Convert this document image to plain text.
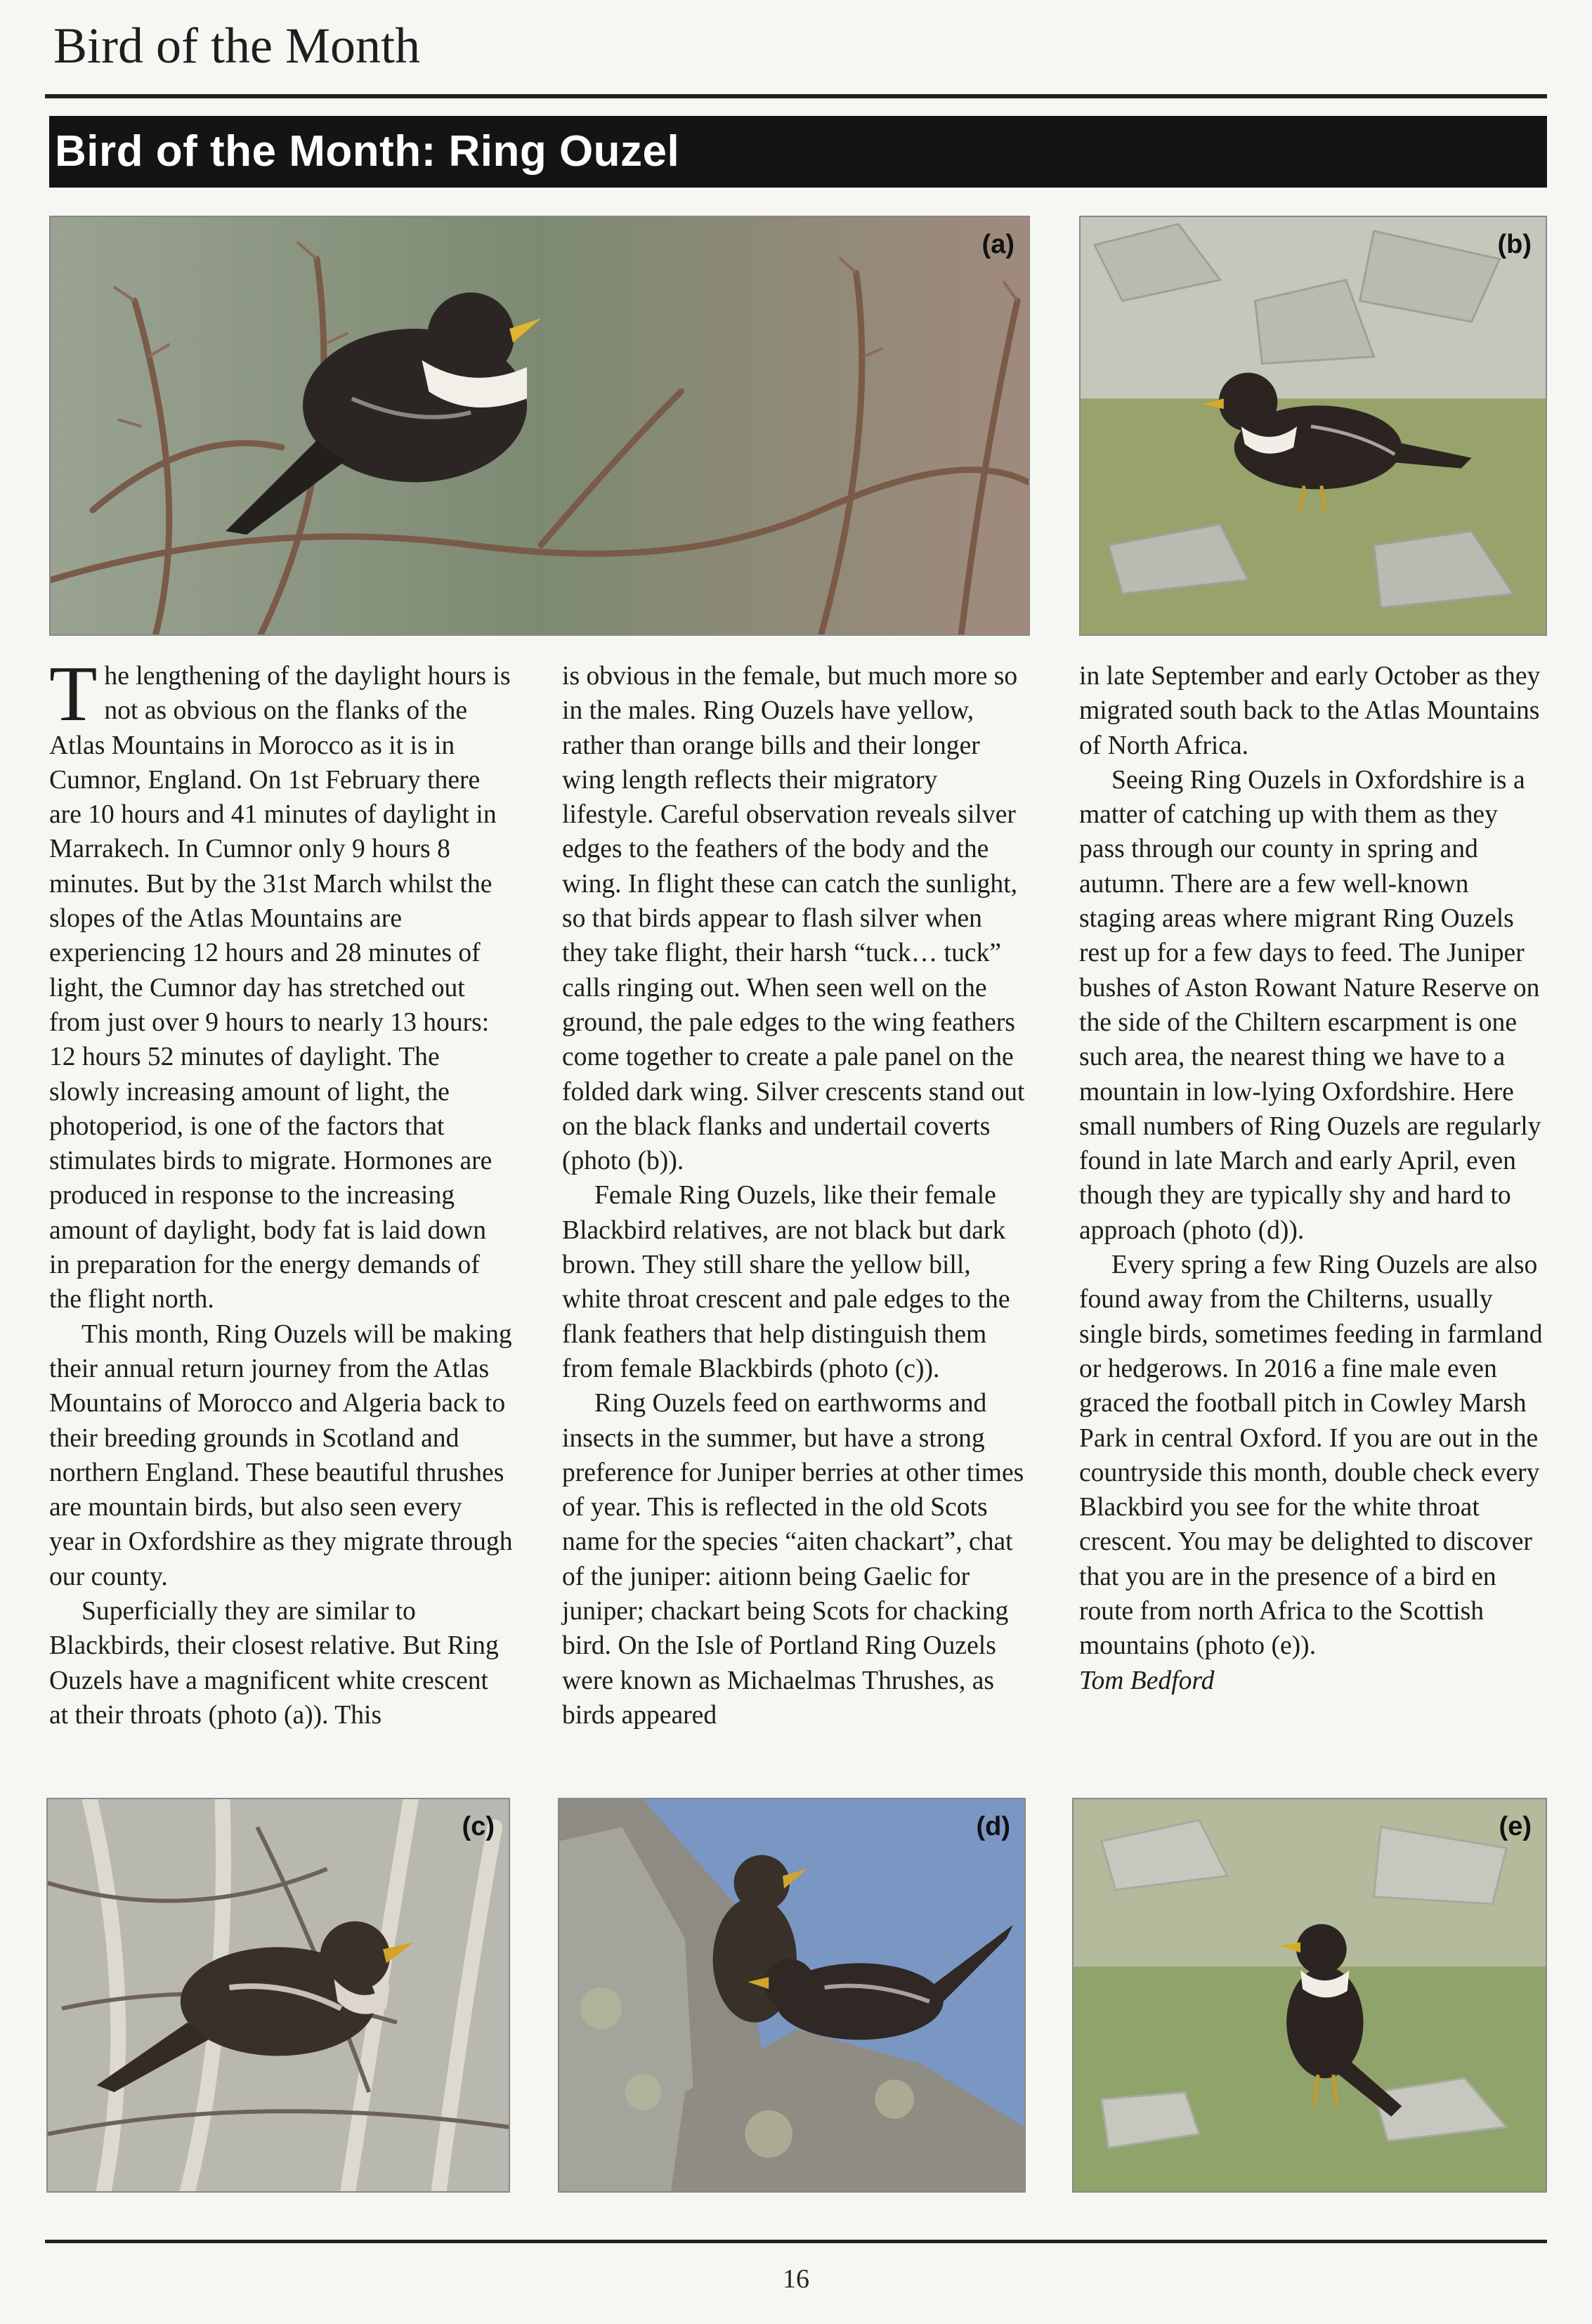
Bird of the Month
Bird of the Month: Ring Ouzel
(a)	(b)

The lengthening of the daylight hours is not as obvious on the flanks of the Atlas Mountains in Morocco as it is in Cumnor, England. On 1st February there are 10 hours and 41 minutes of daylight in Marrakech. In Cumnor only 9 hours 8 minutes. But by the 31st March whilst the slopes of the Atlas Mountains are experiencing 12 hours and 28 minutes of light, the Cumnor day has stretched out from just over 9 hours to nearly 13 hours: 12 hours 52 minutes of daylight. The slowly increasing amount of light, the photoperiod, is one of the factors that stimulates birds to migrate. Hormones are produced in response to the increasing amount of daylight, body fat is laid down in preparation for the energy demands of the flight north.

This month, Ring Ouzels will be making their annual return journey from the Atlas Mountains of Morocco and Algeria back to their breeding grounds in Scotland and northern England. These beautiful thrushes are mountain birds, but also seen every year in Oxfordshire as they migrate through our county.

Superficially they are similar to Blackbirds, their closest relative. But Ring Ouzels have a magnificent white crescent at their throats (photo (a)). This

is obvious in the female, but much more so in the males. Ring Ouzels have yellow, rather than orange bills and their longer wing length reflects their migratory lifestyle. Careful observation reveals silver edges to the feathers of the body and the wing. In flight these can catch the sunlight, so that birds appear to flash silver when they take flight, their harsh “tuck… tuck” calls ringing out. When seen well on the ground, the pale edges to the wing feathers come together to create a pale panel on the folded dark wing. Silver crescents stand out on the black flanks and undertail coverts (photo (b)).

Female Ring Ouzels, like their female Blackbird relatives, are not black but dark brown. They still share the yellow bill, white throat crescent and pale edges to the flank feathers that help distinguish them from female Blackbirds (photo (c)).

Ring Ouzels feed on earthworms and insects in the summer, but have a strong preference for Juniper berries at other times of year. This is reflected in the old Scots name for the species “aiten chackart”, chat of the juniper: aitionn being Gaelic for juniper; chackart being Scots for chacking bird. On the Isle of Portland Ring Ouzels were known as Michaelmas Thrushes, as birds appeared

in late September and early October as they migrated south back to the Atlas Mountains of North Africa.

Seeing Ring Ouzels in Oxfordshire is a matter of catching up with them as they pass through our county in spring and autumn. There are a few well-known staging areas where migrant Ring Ouzels rest up for a few days to feed. The Juniper bushes of Aston Rowant Nature Reserve on the side of the Chiltern escarpment is one such area, the nearest thing we have to a mountain in low-lying Oxfordshire. Here small numbers of Ring Ouzels are regularly found in late March and early April, even though they are typically shy and hard to approach (photo (d)).

Every spring a few Ring Ouzels are also found away from the Chilterns, usually single birds, sometimes feeding in farmland or hedgerows. In 2016 a fine male even graced the football pitch in Cowley Marsh Park in central Oxford. If you are out in the countryside this month, double check every Blackbird you see for the white throat crescent. You may be delighted to discover that you are in the presence of a bird en route from north Africa to the Scottish mountains (photo (e)).

Tom Bedford

(c)	(d)	(e)
16
